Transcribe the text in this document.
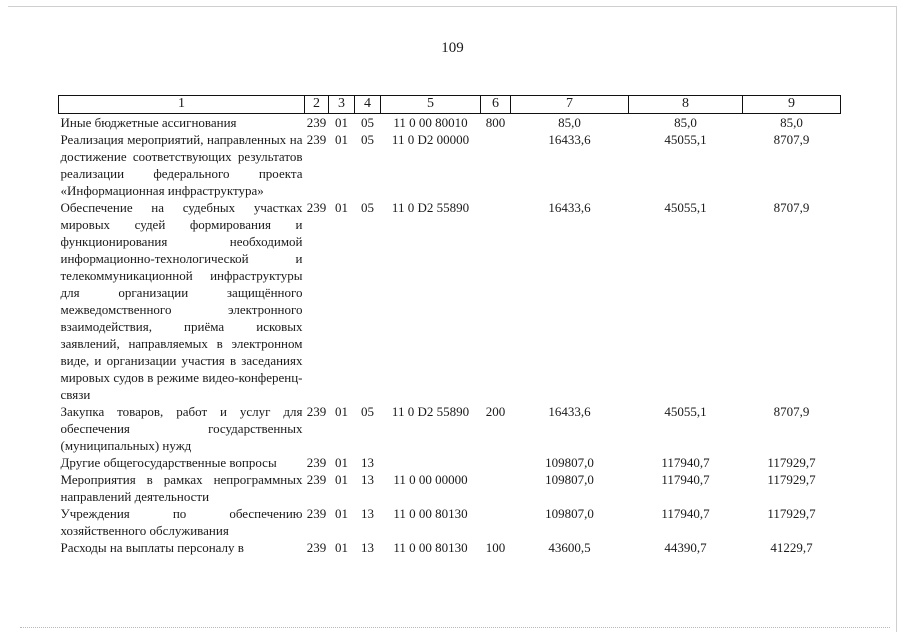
109
1	2	3	4	5	6	7	8	9
Иные бюджетные ассигнования	239	01	05	11 0 00 80010	800	85,0	85,0	85,0
Реализация мероприятий, направленных на достижение соответствующих результатов реализации федерального проекта «Информационная инфраструктура»	239	01	05	11 0 D2 00000		16433,6	45055,1	8707,9
Обеспечение на судебных участках мировых судей формирования и функционирования необходимой информационно-технологической и телекоммуникационной инфраструктуры для организации защищённого межведомственного электронного взаимодействия, приёма исковых заявлений, направляемых в электронном виде, и организации участия в заседаниях мировых судов в режиме видео-конференц-связи	239	01	05	11 0 D2 55890		16433,6	45055,1	8707,9
Закупка товаров, работ и услуг для обеспечения государственных (муниципальных) нужд	239	01	05	11 0 D2 55890	200	16433,6	45055,1	8707,9
Другие общегосударственные вопросы	239	01	13			109807,0	117940,7	117929,7
Мероприятия в рамках непрограммных направлений деятельности	239	01	13	11 0 00 00000		109807,0	117940,7	117929,7
Учреждения по обеспечению хозяйственного обслуживания	239	01	13	11 0 00 80130		109807,0	117940,7	117929,7
Расходы на выплаты персоналу в	239	01	13	11 0 00 80130	100	43600,5	44390,7	41229,7
